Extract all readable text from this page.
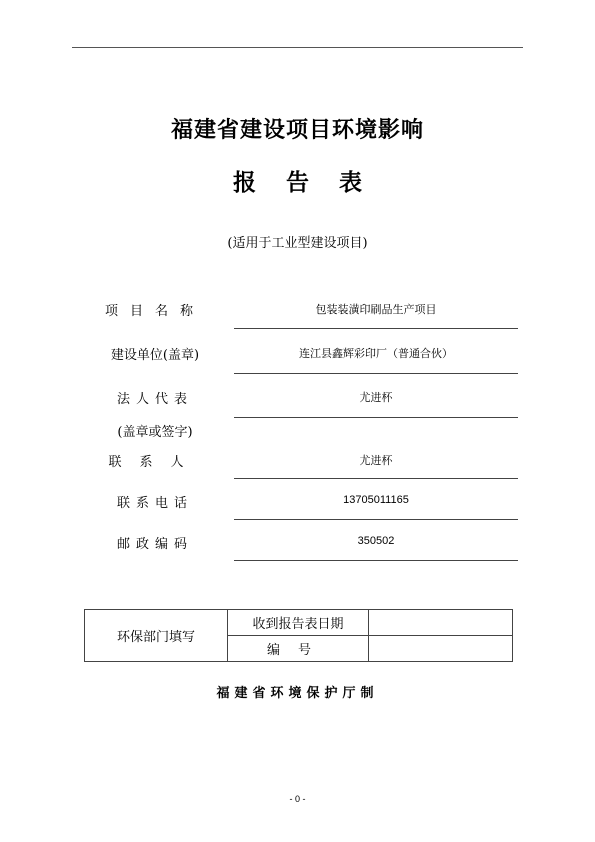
福建省建设项目环境影响
报 告 表
(适用于工业型建设项目)
项目名称	包装装潢印刷品生产项目
建设单位(盖章)	连江县鑫辉彩印厂（普通合伙）
法人代表	尤进杯
(盖章或签字)
联系人	尤进杯
联系电话	13705011165
邮政编码	350502
环保部门填写	收到报告表日期	
	编号	
福建省环境保护厅制
- 0 -
